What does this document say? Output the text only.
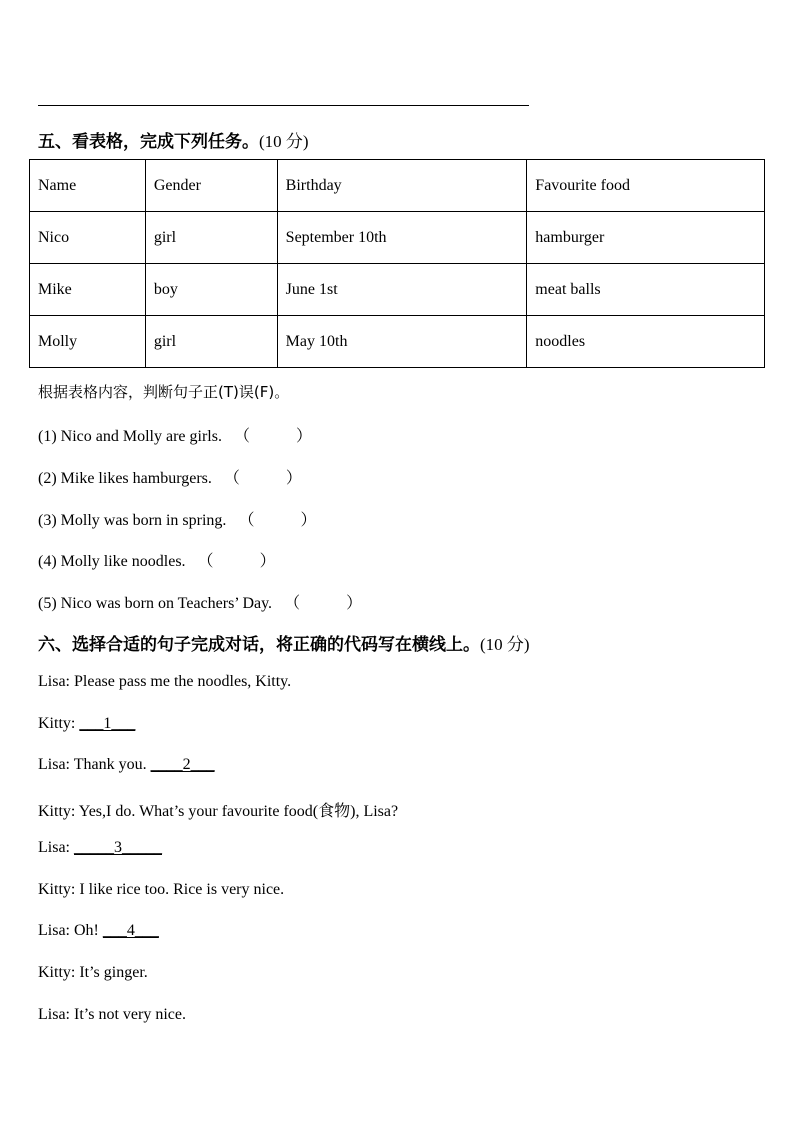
五、看表格，完成下列任务。(10 分)
Name	Gender	Birthday	Favourite food
Nico	girl	September 10th	hamburger
Mike	boy	June 1st	meat balls
Molly	girl	May 10th	noodles
根据表格内容，判断句子正(T)误(F)。
(1) Nico and Molly are girls. （	）
(2) Mike likes hamburgers. （	）
(3) Molly was born in spring. （	）
(4) Molly like noodles. （	）
(5) Nico was born on Teachers’ Day. （	）
六、选择合适的句子完成对话，将正确的代码写在横线上。(10 分)
Lisa: Please pass me the noodles, Kitty.
Kitty: ___1___
Lisa: Thank you. ____2___
Kitty: Yes,I do. What’s your favourite food(食物), Lisa?
Lisa: _____3_____
Kitty: I like rice too. Rice is very nice.
Lisa: Oh! ___4___
Kitty: It’s ginger.
Lisa: It’s not very nice.
